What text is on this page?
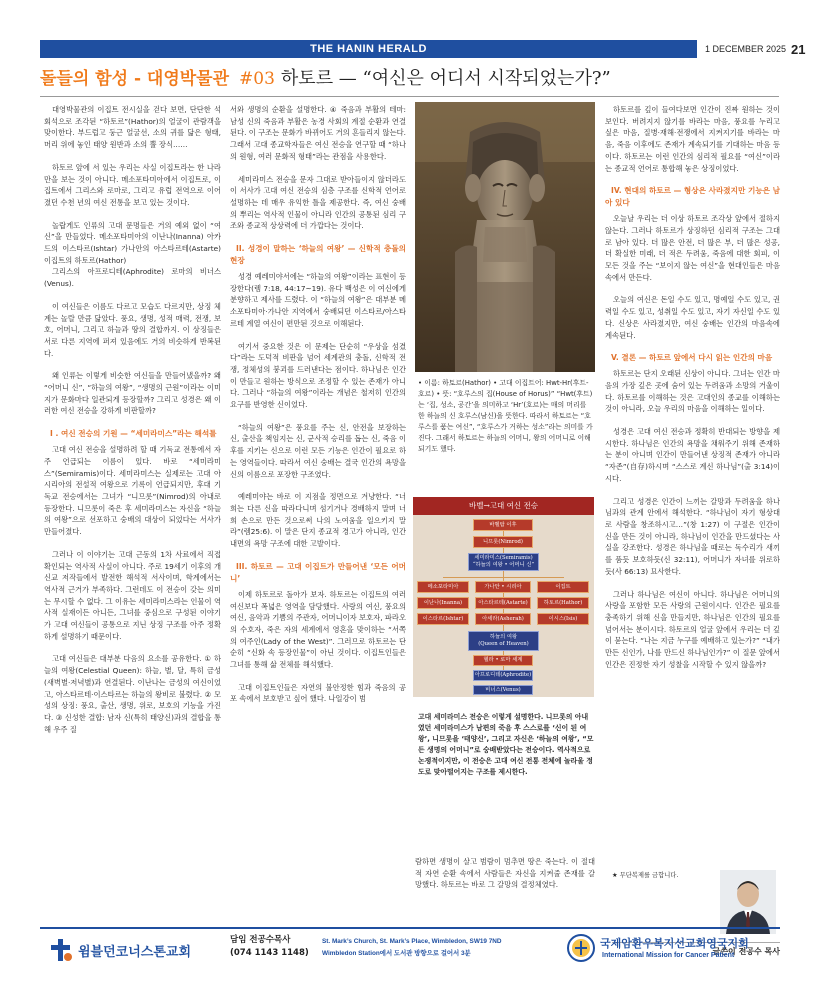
THE HANIN HERALD	1 DECEMBER 2025 21
돌들의 함성 - 대영박물관 #03 하토르 — “여신은 어디서 시작되었는가?”

대영박물관의 이집트 전시실을 걷다 보면, 단단한 석회석으로 조각된 “하토르”(Hathor)의 얼굴이 관람객을 맞이한다. 부드럽고 둥근 얼굴선, 소의 귀를 닮은 형태, 머리 위에 놓인 태양 원반과 소의 뿔 장식……

하토르 앞에 서 있는 우리는 사실 이집트라는 한 나라만을 보는 것이 아니다. 메소포타미아에서 이집트로, 이집트에서 그리스와 로마로, 그리고 유럽 전역으로 이어졌던 수천 년의 여신 전통을 보고 있는 것이다.

놀랍게도 인류의 고대 문명들은 거의 예외 없이 “여신”을 만들었다. 메소포타미아의 이난나(Inanna) 아카드의 이스타르(Ishtar) 가나안의 아스타르테(Astarte) 이집트의 하토르(Hathor)

그리스의 아프로디테(Aphrodite) 로마의 비너스(Venus).

이 여신들은 이름도 다르고 모습도 다르지만, 상징 체계는 놀랄 만큼 닮았다. 풍요, 생명, 성적 매력, 전쟁, 보호, 어머니, 그리고 하늘과 땅의 결합까지. 이 상징들은 서로 다른 지역에 퍼져 있음에도 거의 비슷하게 반복된다.

왜 인류는 이렇게 비슷한 여신들을 만들어냈을까? 왜 “어머니 신”, “하늘의 여왕”, “생명의 근원”이라는 이미지가 문화마다 일관되게 등장할까? 그리고 성경은 왜 이러한 여신 전승을 강하게 비판할까?

I . 여신 전승의 기원 — “세미라미스”라는 해석틀

고대 여신 전승을 설명하려 할 때 기독교 전통에서 자주 언급되는 이름이 있다. 바로 “세미라미스”(Semiramis)이다. 세미라미스는 실제로는 고대 아시리아의 전설적 여왕으로 기록이 언급되지만, 후대 기독교 전승에서는 그녀가 “니므롯”(Nimrod)의 아내로 등장한다. 니므롯이 죽은 후 세미라미스는 자신을 “하늘의 여왕”으로 선포하고 숭배의 대상이 되었다는 서사가 만들어졌다.

그러나 이 이야기는 고대 근동의 1차 사료에서 직접 확인되는 역사적 사실이 아니다. 주로 19세기 이후의 개신교 저작들에서 발전한 해석적 서사이며, 학계에서는 역사적 근거가 부족하다. 그런데도 이 전승이 갖는 의미는 무시할 수 없다. 그 이유는 세미라미스라는 인물이 역사적 실재이든 아니든, 그녀를 중심으로 구성된 이야기가 고대 여신들이 공통으로 지닌 상징 구조를 아주 정확하게 설명하기 때문이다.

고대 여신들은 대부분 다음의 요소를 공유한다. ① 하늘의 여왕(Celestial Queen): 하늘, 별, 달, 특히 금성(새벽별·저녁별)과 연결된다. 이난나는 금성의 여신이었고, 아스타르테·이스타르는 하늘의 왕비로 불렸다. ② 모성의 상징: 풍요, 출산, 생명, 위로, 보호의 기능을 가진다. ③ 신성한 결합: 남자 신(특히 태양신)과의 결합을 통해 우주 질

서와 생명의 순환을 설명한다. ④ 죽음과 부활의 테마: 남성 신의 죽음과 부활은 농경 사회의 계절 순환과 연결된다. 이 구조는 문화가 바뀌어도 거의 흔들리지 않는다. 그래서 고대 종교학자들은 여신 전승을 연구할 때 “하나의 원형, 여러 문화적 형태”라는 관점을 사용한다.

세미라미스 전승을 문자 그대로 받아들이지 않더라도 이 서사가 고대 여신 전승의 심층 구조를 신학적 언어로 설명하는 데 매우 유익한 틀을 제공한다. 즉, 여신 숭배의 뿌리는 역사적 인물이 아니라 인간의 공통된 심리 구조와 종교적 상상력에 더 가깝다는 것이다.

II. 성경이 말하는 ‘하늘의 여왕’ — 신학적 충돌의 현장

성경 예레미야서에는 “하늘의 여왕”이라는 표현이 등장한다(렘 7:18, 44:17~19). 유다 백성은 이 여신에게 분향하고 제사를 드렸다. 이 “하늘의 여왕”은 대부분 메소포타미아·가나안 지역에서 숭배되던 이스타르/아스타르테 계열 여신이 편만된 것으로 이해된다.

여기서 중요한 것은 이 문제는 단순히 “우상을 섬겼다”라는 도덕적 비판을 넘어 세계관의 충돌, 신학적 전쟁, 정체성의 붕괴를 드러낸다는 점이다. 하나님은 인간이 만들고 원하는 방식으로 조정할 수 있는 존재가 아니다. 그러나 “하늘의 여왕”이라는 개념은 철저히 인간의 요구를 반영한 신이었다.

“하늘의 여왕”은 풍요를 주는 신, 안전을 보장하는 신, 출산을 책임지는 신, 군사적 승리를 돕는 신, 죽음 이후를 지키는 신으로 이런 모든 기능은 인간이 필요로 하는 영역들이다. 따라서 여신 숭배는 결국 인간의 욕망을 신의 이름으로 포장한 구조였다.

예레미야는 바로 이 지점을 정면으로 겨냥한다. “너희는 다른 신을 따라다니며 섬기거나 경배하지 말며 너희 손으로 만든 것으로써 나의 노여움을 일으키지 말라”(렘25:6). 이 말은 단지 종교적 경고가 아니라, 인간 내면의 욕망 구조에 대한 고발이다.

III. 하토르 — 고대 이집트가 만들어낸 ‘모든 어머니’

이제 하토르로 돌아가 보자. 하토르는 이집트의 여러 여신보다 폭넓은 영역을 담당했다. 사랑의 여신, 풍요의 여신, 음악과 기쁨의 주관자, 어머니이자 보호자, 파라오의 수호자, 죽은 자의 세계에서 영혼을 맞이하는 “서쪽의 여주인(Lady of the West)”. 그러므로 하토르는 단순히 “신화 속 등장인물”이 아닌 것이다. 이집트인들은 그녀를 통해 삶 전체를 해석했다.

고대 이집트인들은 자연의 불안정한 힘과 죽음의 공포 속에서 보호받고 싶어 했다. 나일강이 범

• 이름: 하토르(Hathor) • 고대 이집트어: Hwt-Hr(후트-호르) • 뜻: “호루스의 집(House of Horus)” “Hwt(후트)는 ‘집, 성소, 공간’을 의미하고 ‘Hr’(호르)는 매의 머리를 한 하늘의 신 호루스(남신)을 뜻한다. 따라서 하토르는 “호루스를 품는 여신”, “호루스가 거하는 성소”라는 의미를 가진다. 그래서 하토르는 하늘의 어머니, 왕의 어머니로 이해되기도 했다.
바벨→고대 여신 전승
바벨탑 이후
니므롯(Nimrod)
세미라미스(Semiramis)
“하늘의 여왕 • 어머니 신”
메소포타미아	가나안 • 시리아	이집트
이난나(Inanna)	아스타르테(Astarte)	하토르(Hathor)
이스타르(Ishtar)	아세라(Asherah)	이시스(Isis)
하늘의 여왕
(Queen of Heaven)
헬라 • 로마 세계
아프로디테(Aphrodite)
비너스(Venus)
고대 세미라미스 전승은 이렇게 설명한다. 니므롯의 아내였던 세미라미스가 남편의 죽음 후 스스로를 ‘신이 된 여왕’, 니므롯을 ‘태양신’, 그리고 자신은 ‘하늘의 여왕’, “모든 생명의 어머니”로 숭배받았다는 전승이다. 역사적으로 논쟁적이지만, 이 전승은 고대 여신 전통 전체에 놀라울 정도로 맞아떨어지는 구조를 제시한다.

람하면 생명이 살고 범람이 멈추면 땅은 죽는다. 이 절대적 자연 순환 속에서 사람들은 자신을 지켜줄 존재를 갈망했다. 하토르는 바로 그 갈망의 결정체였다.

하토르를 깊이 들여다보면 인간이 진짜 원하는 것이 보인다. 버려지지 않기를 바라는 마음, 풍요를 누리고 싶은 마음, 질병·재해·전쟁에서 지켜지기를 바라는 마음, 죽음 이후에도 존재가 계속되기를 기대하는 마음 등이다. 하토르는 이런 인간의 심리적 필요를 “여신”이라는 종교적 언어로 통합해 놓은 상징이었다.

IV. 현대의 하토르 — 형상은 사라졌지만 기능은 남아 있다

오늘날 우리는 더 이상 하토르 조각상 앞에서 절하지 않는다. 그러나 하토르가 상징하던 심리적 구조는 그대로 남아 있다. 더 많은 안전, 더 많은 부, 더 많은 성공, 더 확실한 미래, 더 적은 두려움, 죽음에 대한 회피, 이 모든 것을 주는 “보이지 않는 여신”을 현대인들은 마음속에서 만든다.

오늘의 여신은 돈일 수도 있고, 명예일 수도 있고, 권력일 수도 있고, 성취일 수도 있고, 자기 자신일 수도 있다. 신상은 사라졌지만, 여신 숭배는 인간의 마음속에 계속된다.

V. 결론 — 하토르 앞에서 다시 읽는 인간의 마음

하토르는 단지 오래된 신상이 아니다. 그녀는 인간 마음의 가장 깊은 곳에 숨어 있는 두려움과 소망의 거울이다. 하토르를 이해하는 것은 고대인의 종교를 이해하는 것이 아니라, 오늘 우리의 마음을 이해하는 일이다.

성경은 고대 여신 전승과 정확히 반대되는 방향을 제시한다. 하나님은 인간의 욕망을 채워주기 위해 존재하는 분이 아니며 인간이 만들어낸 상징적 존재가 아니라 “자존”(自存)하시며 “스스로 계신 하나님”(출 3:14)이시다.

그리고 성경은 인간이 느끼는 갈망과 두려움을 하나님과의 관계 안에서 해석한다. “하나님이 자기 형상대로 사람을 창조하시고…”(창 1:27) 이 구절은 인간이 신을 만든 것이 아니라, 하나님이 인간을 만드셨다는 사실을 강조한다. 성경은 하나님을 때로는 독수리가 새끼를 품듯 보호하듯(신 32:11), 어머니가 자녀를 위로하듯(사 66:13) 묘사한다.

그러나 하나님은 여신이 아니다. 하나님은 어머니의 사랑을 포함한 모든 사랑의 근원이시다. 인간은 필요를 충족하기 위해 신을 만들지만, 하나님은 인간의 필요를 넘어서는 분이시다. 하토르의 얼굴 앞에서 우리는 더 깊이 묻는다. “나는 지금 누구를 예배하고 있는가?” “내가 만든 신인가, 나를 만드신 하나님인가?” 이 질문 앞에서 인간은 진정한 자기 성찰을 시작할 수 있지 않을까?

★ 무단복제를 금합니다.
글쓴이 전공수 목사
윔블던코너스톤교회
담임 전공수목사
(074 1143 1148)
St. Mark’s Church, St. Mark’s Place, Wimbledon, SW19 7ND
Wimbledon Station에서 도서관 방향으로 걸어서 3분
국제암환우복지선교회영국지회
International Mission for Cancer Patient
